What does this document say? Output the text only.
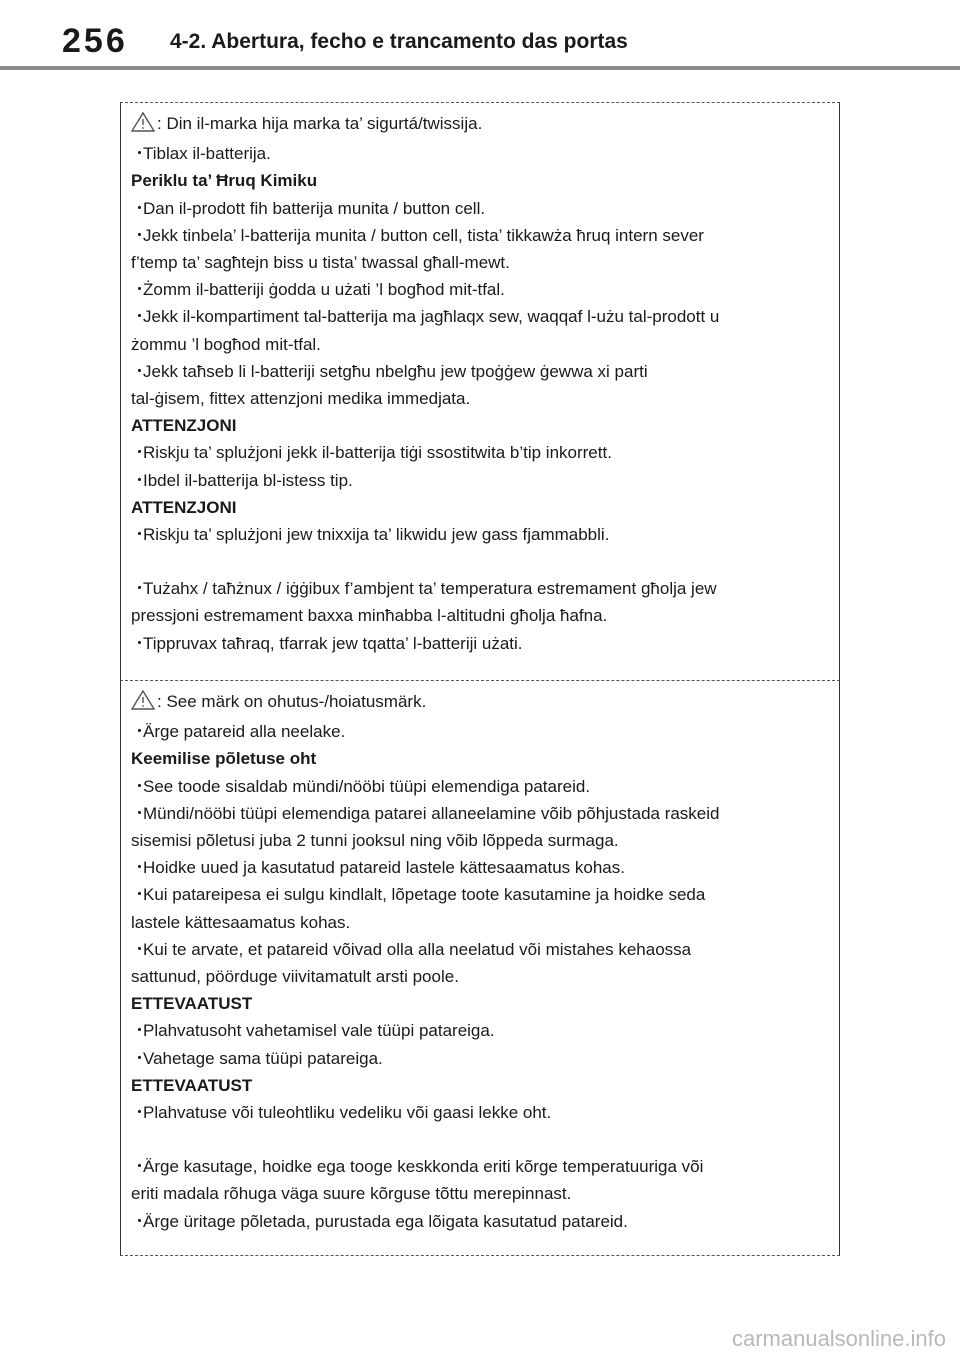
256 4-2. Abertura, fecho e trancamento das portas
: Din il-marka hija marka ta’ sigurtá/twissija.
・Tiblax il-batterija.
Periklu ta’ Ħruq Kimiku
・Dan il-prodott fih batterija munita / button cell.
・Jekk tinbela’ l-batterija munita / button cell, tista’ tikkawża ħruq intern sever
f’temp ta’ sagħtejn biss u tista’ twassal għall-mewt.
・Żomm il-batteriji ġodda u użati ’l bogħod mit-tfal.
・Jekk il-kompartiment tal-batterija ma jagħlaqx sew, waqqaf l-użu tal-prodott u
żommu ’l bogħod mit-tfal.
・Jekk taħseb li l-batteriji setgħu nbelgħu jew tpoġġew ġewwa xi parti
tal-ġisem, fittex attenzjoni medika immedjata.
ATTENZJONI
・Riskju ta’ splużjoni jekk il-batterija tiġi ssostitwita b’tip inkorrett.
・Ibdel il-batterija bl-istess tip.
ATTENZJONI
・Riskju ta’ splużjoni jew tnixxija ta’ likwidu jew gass fjammabbli.
・Tużahx / taħżnux / iġġibux f’ambjent ta’ temperatura estremament għolja jew
pressjoni estremament baxxa minħabba l-altitudni għolja ħafna.
・Tippruvax taħraq, tfarrak jew tqatta’ l-batteriji użati.
: See märk on ohutus-/hoiatusmärk.
・Ärge patareid alla neelake.
Keemilise põletuse oht
・See toode sisaldab mündi/nööbi tüüpi elemendiga patareid.
・Mündi/nööbi tüüpi elemendiga patarei allaneelamine võib põhjustada raskeid
sisemisi põletusi juba 2 tunni jooksul ning võib lõppeda surmaga.
・Hoidke uued ja kasutatud patareid lastele kättesaamatus kohas.
・Kui patareipesa ei sulgu kindlalt, lõpetage toote kasutamine ja hoidke seda
lastele kättesaamatus kohas.
・Kui te arvate, et patareid võivad olla alla neelatud või mistahes kehaossa
sattunud, pöörduge viivitamatult arsti poole.
ETTEVAATUST
・Plahvatusoht vahetamisel vale tüüpi patareiga.
・Vahetage sama tüüpi patareiga.
ETTEVAATUST
・Plahvatuse või tuleohtliku vedeliku või gaasi lekke oht.
・Ärge kasutage, hoidke ega tooge keskkonda eriti kõrge temperatuuriga või
eriti madala rõhuga väga suure kõrguse tõttu merepinnast.
・Ärge üritage põletada, purustada ega lõigata kasutatud patareid.
carmanualsonline.info
